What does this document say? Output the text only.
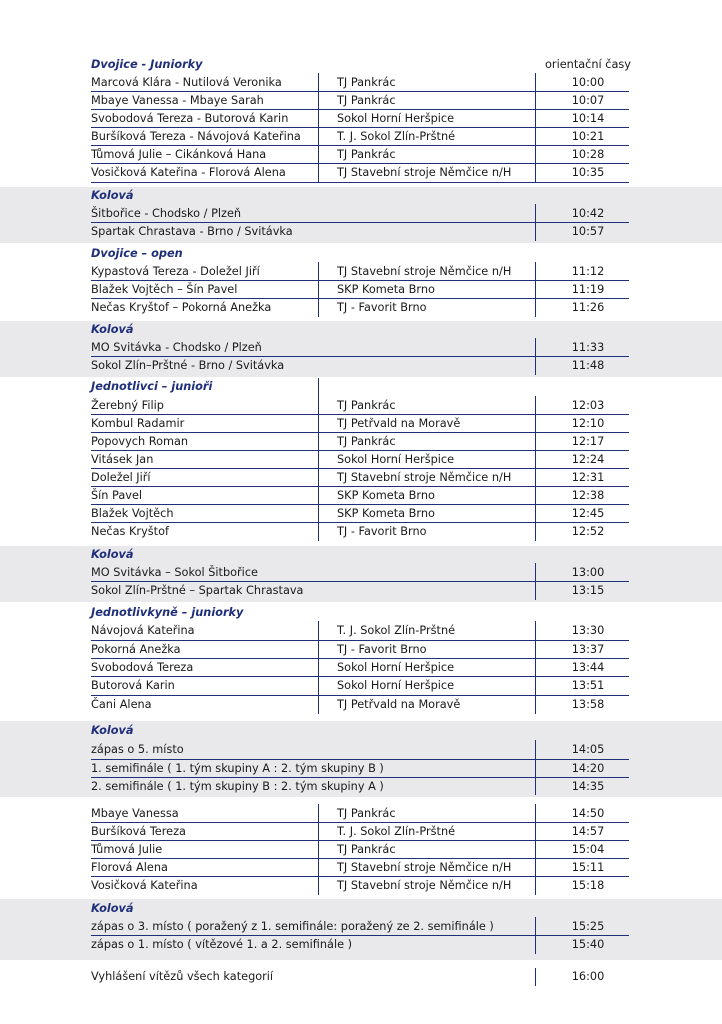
Dvojice - Juniorky	orientační časy
Marcová Klára - Nutilová Veronika	TJ Pankrác	10:00
Mbaye Vanessa - Mbaye Sarah	TJ Pankrác	10:07
Svobodová Tereza - Butorová Karin	Sokol Horní Heršpice	10:14
Buršíková Tereza - Návojová Kateřina	T. J. Sokol Zlín-Prštné	10:21
Tůmová Julie – Cikánková Hana	TJ Pankrác	10:28
Vosičková Kateřina - Florová Alena	TJ Stavební stroje Němčice n/H	10:35
Kolová
Šitbořice - Chodsko / Plzeň	10:42
Spartak Chrastava - Brno / Svitávka	10:57
Dvojice – open
Kypastová Tereza - Doležel Jiří	TJ Stavební stroje Němčice n/H	11:12
Blažek Vojtěch – Šín Pavel	SKP Kometa Brno	11:19
Nečas Kryštof – Pokorná Anežka	TJ - Favorit Brno	11:26
Kolová
MO Svitávka - Chodsko / Plzeň	11:33
Sokol Zlín–Prštné - Brno / Svitávka	11:48
Jednotlivci – junioři
Žerebný Filip	TJ Pankrác	12:03
Kombul Radamir	TJ Petřvald na Moravě	12:10
Popovych Roman	TJ Pankrác	12:17
Vitásek Jan	Sokol Horní Heršpice	12:24
Doležel Jiří	TJ Stavební stroje Němčice n/H	12:31
Šín Pavel	SKP Kometa Brno	12:38
Blažek Vojtěch	SKP Kometa Brno	12:45
Nečas Kryštof	TJ - Favorit Brno	12:52
Kolová
MO Svitávka – Sokol Šitbořice	13:00
Sokol Zlín-Prštné – Spartak Chrastava	13:15
Jednotlivkyně – juniorky
Návojová Kateřina	T. J. Sokol Zlín-Prštné	13:30
Pokorná Anežka	TJ - Favorit Brno	13:37
Svobodová Tereza	Sokol Horní Heršpice	13:44
Butorová Karin	Sokol Horní Heršpice	13:51
Čani Alena	TJ Petřvald na Moravě	13:58
Kolová
zápas o 5. místo	14:05
1. semifinále ( 1. tým skupiny A : 2. tým skupiny B )	14:20
2. semifinále ( 1. tým skupiny B : 2. tým skupiny A )	14:35
Mbaye Vanessa	TJ Pankrác	14:50
Buršíková Tereza	T. J. Sokol Zlín-Prštné	14:57
Tůmová Julie	TJ Pankrác	15:04
Florová Alena	TJ Stavební stroje Němčice n/H	15:11
Vosičková Kateřina	TJ Stavební stroje Němčice n/H	15:18
Kolová
zápas o 3. místo ( poražený z 1. semifinále: poražený ze 2. semifinále )	15:25
zápas o 1. místo ( vítězové 1. a 2. semifinále )	15:40
Vyhlášení vítězů všech kategorií	16:00
